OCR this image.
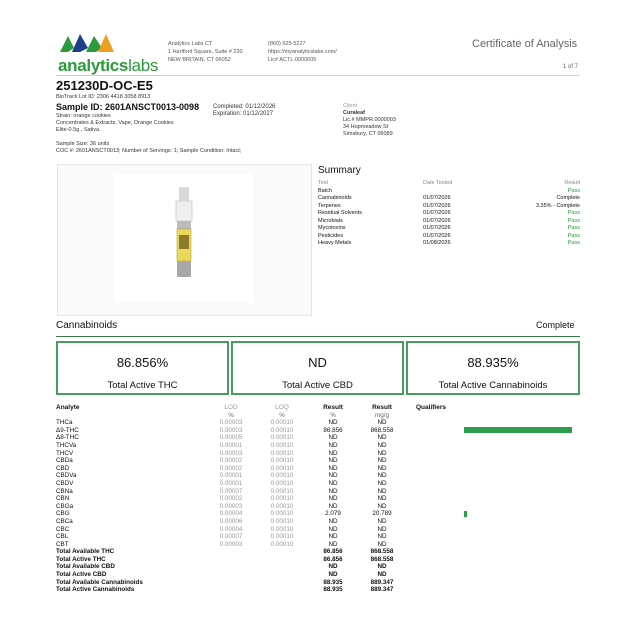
analyticslabs
Analytics Labs CT
1 Hartford Square, Suite # 220
NEW BRITAIN, CT 06052
(860) 925-5227
https://myanalyticslabs.com/
Lic# ACTL.0000005
Certificate of Analysis
1 of 7
251230D-OC-E5
BioTrack Lot ID: 2306 4418 3058 8913
Sample ID: 2601ANSCT0013-0098
Strain: orange cookies
Concentrates & Extracts, Vape, Orange Cookies
Elite-0.5g , Sativa.
Sample Size: 36 units
COC #: 2601ANSCT0013; Number of Servings: 1; Sample Condition: Intact;
Completed: 01/12/2026
Expiration: 01/12/2027
Client
Curaleaf
Lic.# MMPR.0000003
34 Hopmeadow St
Simsbury, CT 06089
Summary
Test	Date Tested	Result
Batch		Pass
Cannabinoids	01/07/2026	Complete
Terpenes	01/07/2026	3.35% - Complete
Residual Solvents	01/07/2026	Pass
Microbials	01/07/2026	Pass
Mycotoxins	01/07/2026	Pass
Pesticides	01/07/2026	Pass
Heavy Metals	01/08/2026	Pass
Cannabinoids	Complete
86.856%
Total Active THC
ND
Total Active CBD
88.935%
Total Active Cannabinoids
Analyte	LOD	LOQ	Result	Result		Qualifiers
	%	%	%	mg/g		
THCa	0.00003	0.00010	ND	ND		
Δ9-THC	0.00003	0.00010	86.856	868.558		
Δ8-THC	0.00005	0.00010	ND	ND		
THCVa	0.00001	0.00010	ND	ND		
THCV	0.00003	0.00010	ND	ND		
CBDa	0.00002	0.00010	ND	ND		
CBD	0.00002	0.00010	ND	ND		
CBDVa	0.00001	0.00010	ND	ND		
CBDV	0.00001	0.00010	ND	ND		
CBNa	0.00007	0.00010	ND	ND		
CBN	0.00002	0.00010	ND	ND		
CBGa	0.00003	0.00010	ND	ND		
CBG	0.00004	0.00010	2.079	20.789		
CBCa	0.00006	0.00010	ND	ND		
CBC	0.00004	0.00010	ND	ND		
CBL	0.00007	0.00010	ND	ND		
CBT	0.00003	0.00010	ND	ND		
Total Available THC			86.856	868.558		
Total Active THC			86.856	868.558		
Total Available CBD			ND	ND		
Total Active CBD			ND	ND		
Total Available Cannabinoids			88.935	889.347		
Total Active Cannabinoids			88.935	889.347		
